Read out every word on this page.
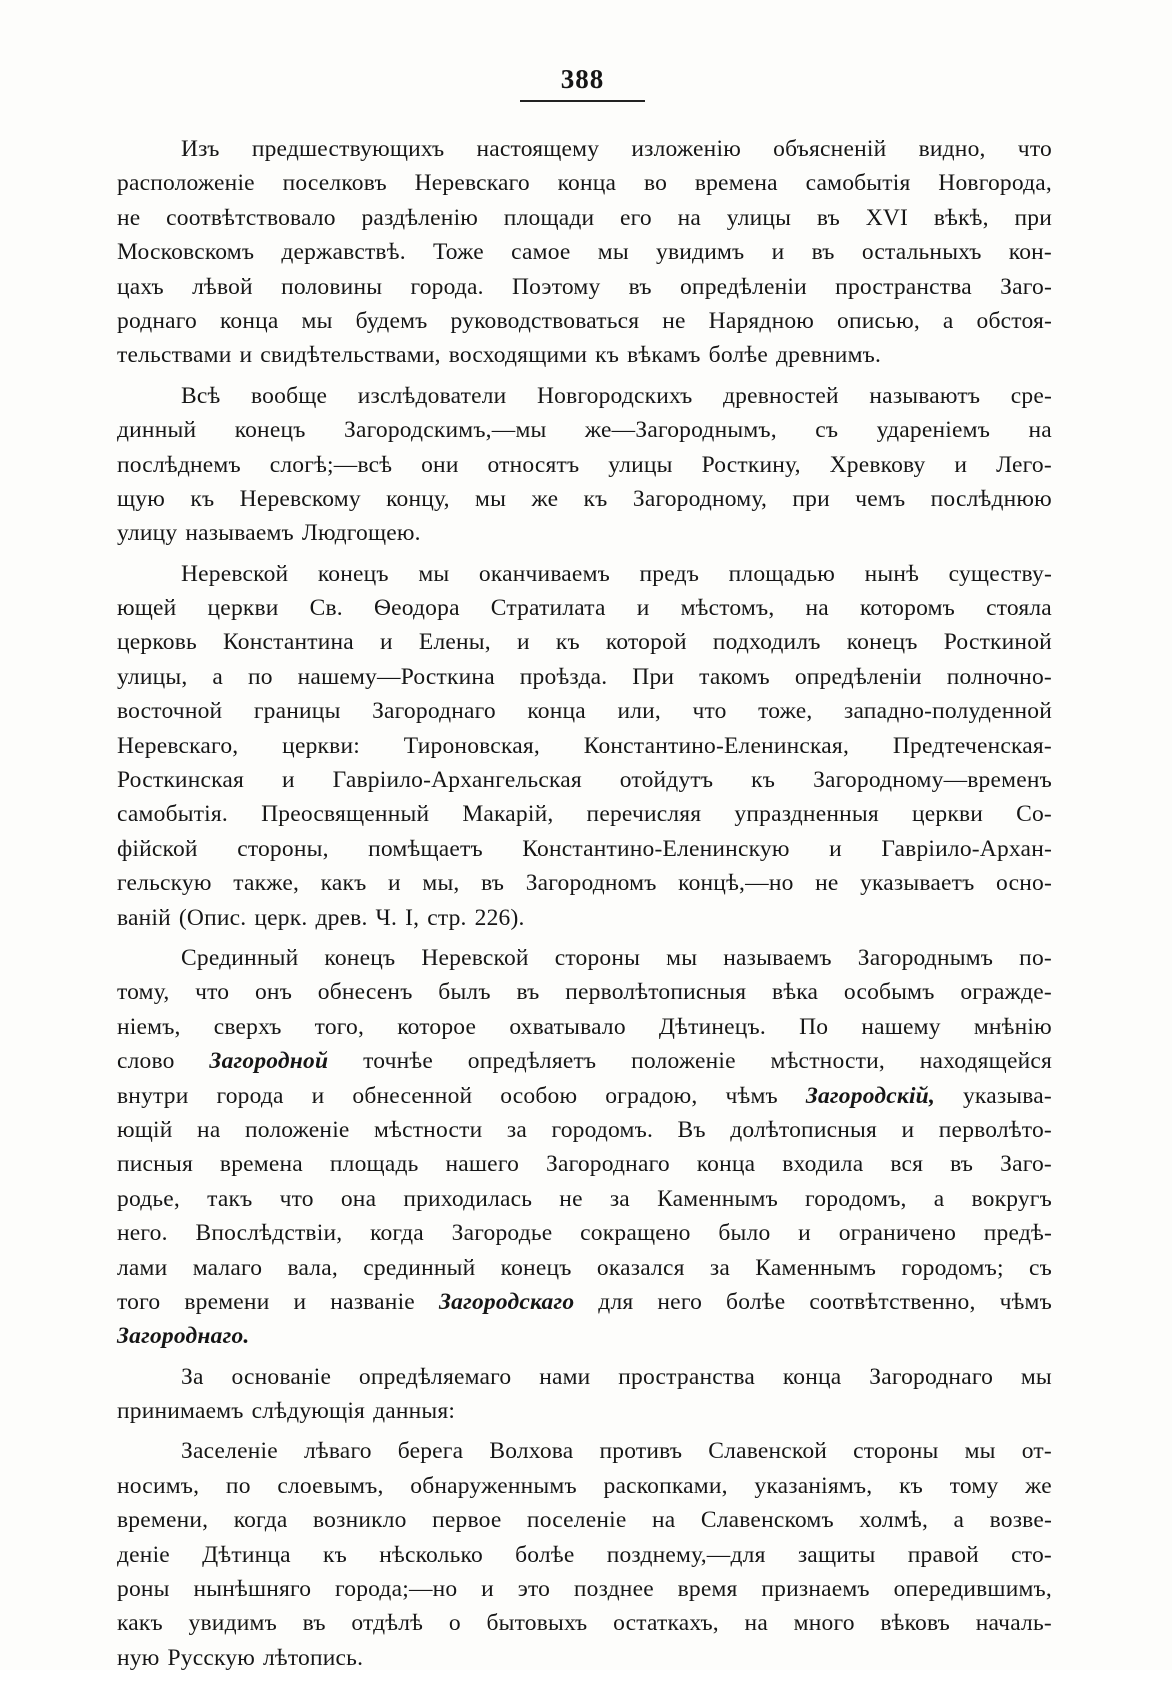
388
Изъ предшествующихъ настоящему изложенію объясненій видно, что
расположеніе поселковъ Неревскаго конца во времена самобытія Новгорода,
не соотвѣтствовало раздѣленію площади его на улицы въ XVI вѣкѣ, при
Московскомъ державствѣ. Тоже самое мы увидимъ и въ остальныхъ кон-
цахъ лѣвой половины города. Поэтому въ опредѣленіи пространства Заго-
роднаго конца мы будемъ руководствоваться не Нарядною описью, а обстоя-
тельствами и свидѣтельствами, восходящими къ вѣкамъ болѣе древнимъ.
Всѣ вообще изслѣдователи Новгородскихъ древностей называютъ сре-
динный конецъ Загородскимъ,—мы же—Загороднымъ, съ удареніемъ на
послѣднемъ слогѣ;—всѣ они относятъ улицы Росткину, Хревкову и Лего-
щую къ Неревскому концу, мы же къ Загородному, при чемъ послѣднюю
улицу называемъ Людгощею.
Неревской конецъ мы оканчиваемъ предъ площадью нынѣ существу-
ющей церкви Св. Ѳеодора Стратилата и мѣстомъ, на которомъ стояла
церковь Константина и Елены, и къ которой подходилъ конецъ Росткиной
улицы, а по нашему—Росткина проѣзда. При такомъ опредѣленіи полночно-
восточной границы Загороднаго конца или, что тоже, западно-полуденной
Неревскаго, церкви: Тироновская, Константино-Еленинская, Предтеченская-
Росткинская и Гавріило-Архангельская отойдутъ къ Загородному—временъ
самобытія. Преосвященный Макарій, перечисляя упраздненныя церкви Со-
фійской стороны, помѣщаетъ Константино-Еленинскую и Гавріило-Архан-
гельскую также, какъ и мы, въ Загородномъ концѣ,—но не указываетъ осно-
ваній (Опис. церк. древ. Ч. I, стр. 226).
Срединный конецъ Неревской стороны мы называемъ Загороднымъ по-
тому, что онъ обнесенъ былъ въ перволѣтописныя вѣка особымъ огражде-
ніемъ, сверхъ того, которое охватывало Дѣтинецъ. По нашему мнѣнію
слово Загородной точнѣе опредѣляетъ положеніе мѣстности, находящейся
внутри города и обнесенной особою оградою, чѣмъ Загородскій, указыва-
ющій на положеніе мѣстности за городомъ. Въ долѣтописныя и перволѣто-
писныя времена площадь нашего Загороднаго конца входила вся въ Заго-
родье, такъ что она приходилась не за Каменнымъ городомъ, а вокругъ
него. Впослѣдствіи, когда Загородье сокращено было и ограничено предѣ-
лами малаго вала, срединный конецъ оказался за Каменнымъ городомъ; съ
того времени и названіе Загородскаго для него болѣе соотвѣтственно, чѣмъ
Загороднаго.
За основаніе опредѣляемаго нами пространства конца Загороднаго мы
принимаемъ слѣдующія данныя:
Заселеніе лѣваго берега Волхова противъ Славенской стороны мы от-
носимъ, по слоевымъ, обнаруженнымъ раскопками, указаніямъ, къ тому же
времени, когда возникло первое поселеніе на Славенскомъ холмѣ, а возве-
деніе Дѣтинца къ нѣсколько болѣе позднему,—для защиты правой сто-
роны нынѣшняго города;—но и это позднее время признаемъ опередившимъ,
какъ увидимъ въ отдѣлѣ о бытовыхъ остаткахъ, на много вѣковъ началь-
ную Русскую лѣтопись.
